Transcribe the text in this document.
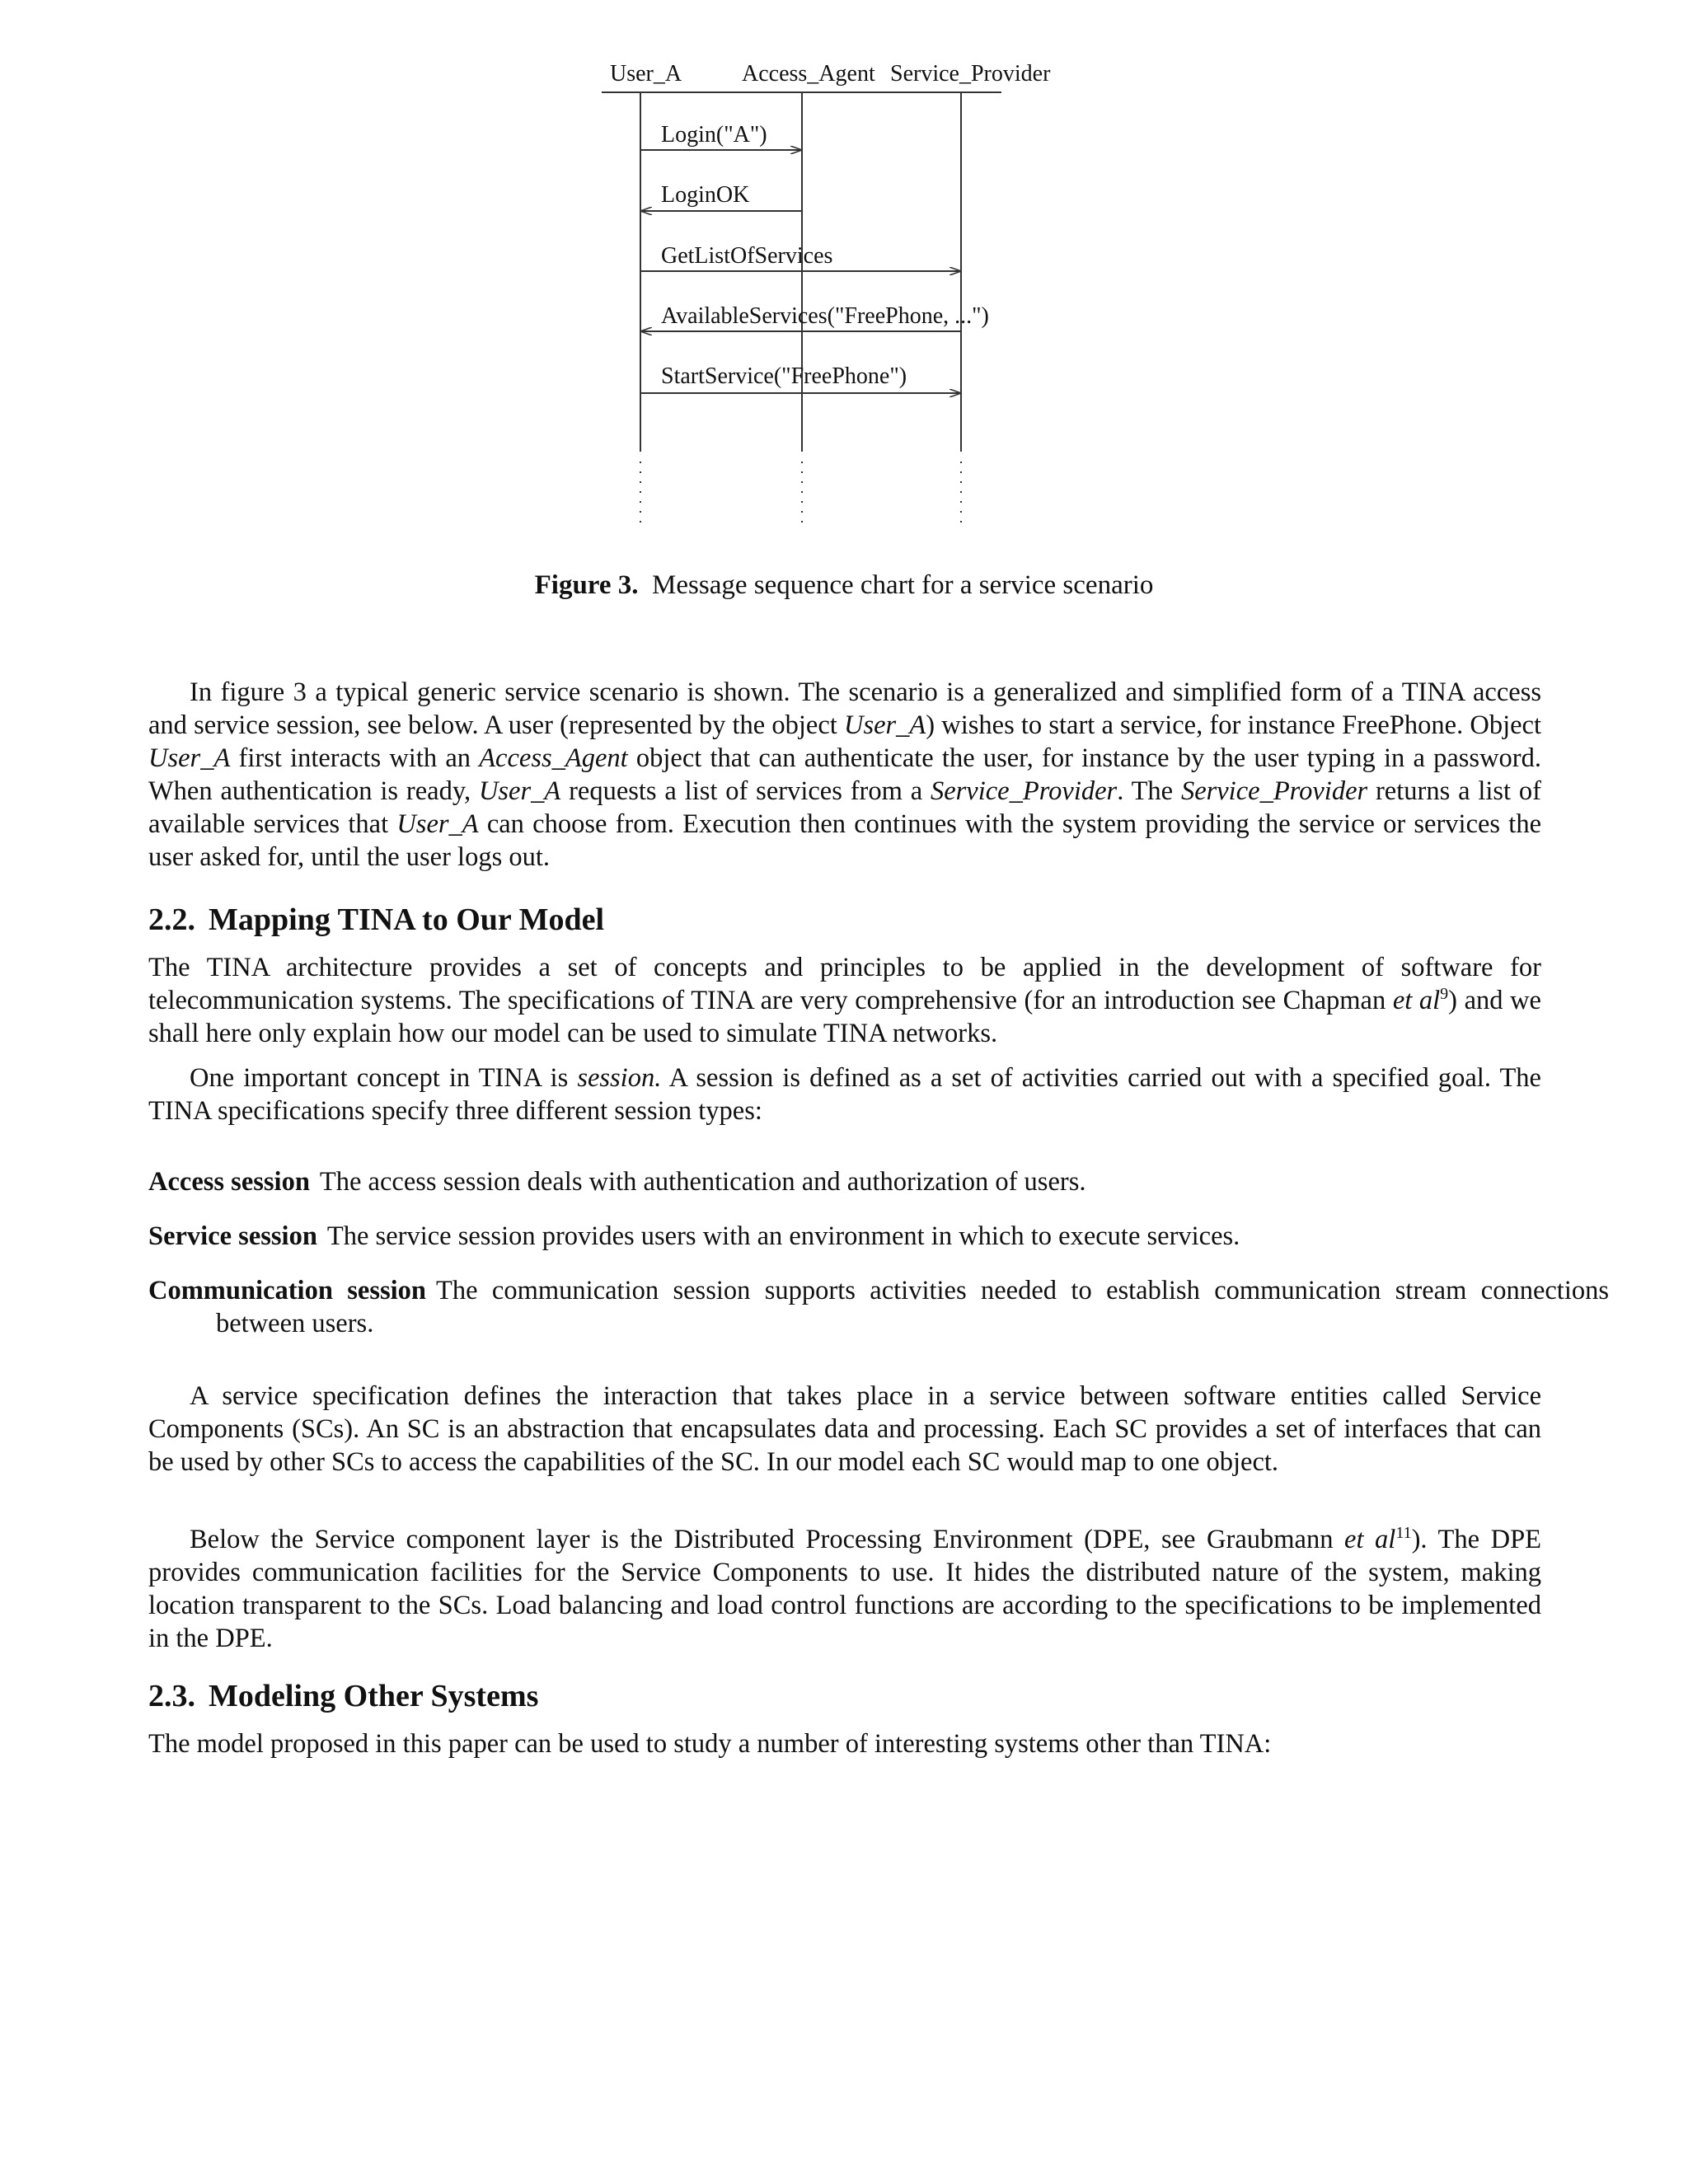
User_A	Access_Agent Service_Provider
Login("A")
LoginOK
GetListOfServices
AvailableServices("FreePhone, ...")
StartService("FreePhone")

Figure 3. Message sequence chart for a service scenario

In figure 3 a typical generic service scenario is shown. The scenario is a generalized and simplified form of a TINA access and service session, see below. A user (represented by the object User_A) wishes to start a service, for instance FreePhone. Object User_A first interacts with an Access_Agent object that can authenticate the user, for instance by the user typing in a password. When authentication is ready, User_A requests a list of services from a Service_Provider. The Service_Provider returns a list of available services that User_A can choose from. Execution then continues with the system providing the service or services the user asked for, until the user logs out.

2.2. Mapping TINA to Our Model

The TINA architecture provides a set of concepts and principles to be applied in the development of software for telecommunication systems. The specifications of TINA are very comprehensive (for an introduction see Chapman et $al^9$) and we shall here only explain how our model can be used to simulate TINA networks.

One important concept in TINA is session. A session is defined as a set of activities carried out with a specified goal. The TINA specifications specify three different session types:

Access session The access session deals with authentication and authorization of users.

Service session The service session provides users with an environment in which to execute services.

Communication session The communication session supports activities needed to establish communication stream connections between users.

A service specification defines the interaction that takes place in a service between software entities called Service Components (SCs). An SC is an abstraction that encapsulates data and processing. Each SC provides a set of interfaces that can be used by other SCs to access the capabilities of the SC. In our model each SC would map to one object.

Below the Service component layer is the Distributed Processing Environment (DPE, see Graubmann et $al^{11}$). The DPE provides communication facilities for the Service Components to use. It hides the distributed nature of the system, making location transparent to the SCs. Load balancing and load control functions are according to the specifications to be implemented in the DPE.

2.3. Modeling Other Systems

The model proposed in this paper can be used to study a number of interesting systems other than TINA:
